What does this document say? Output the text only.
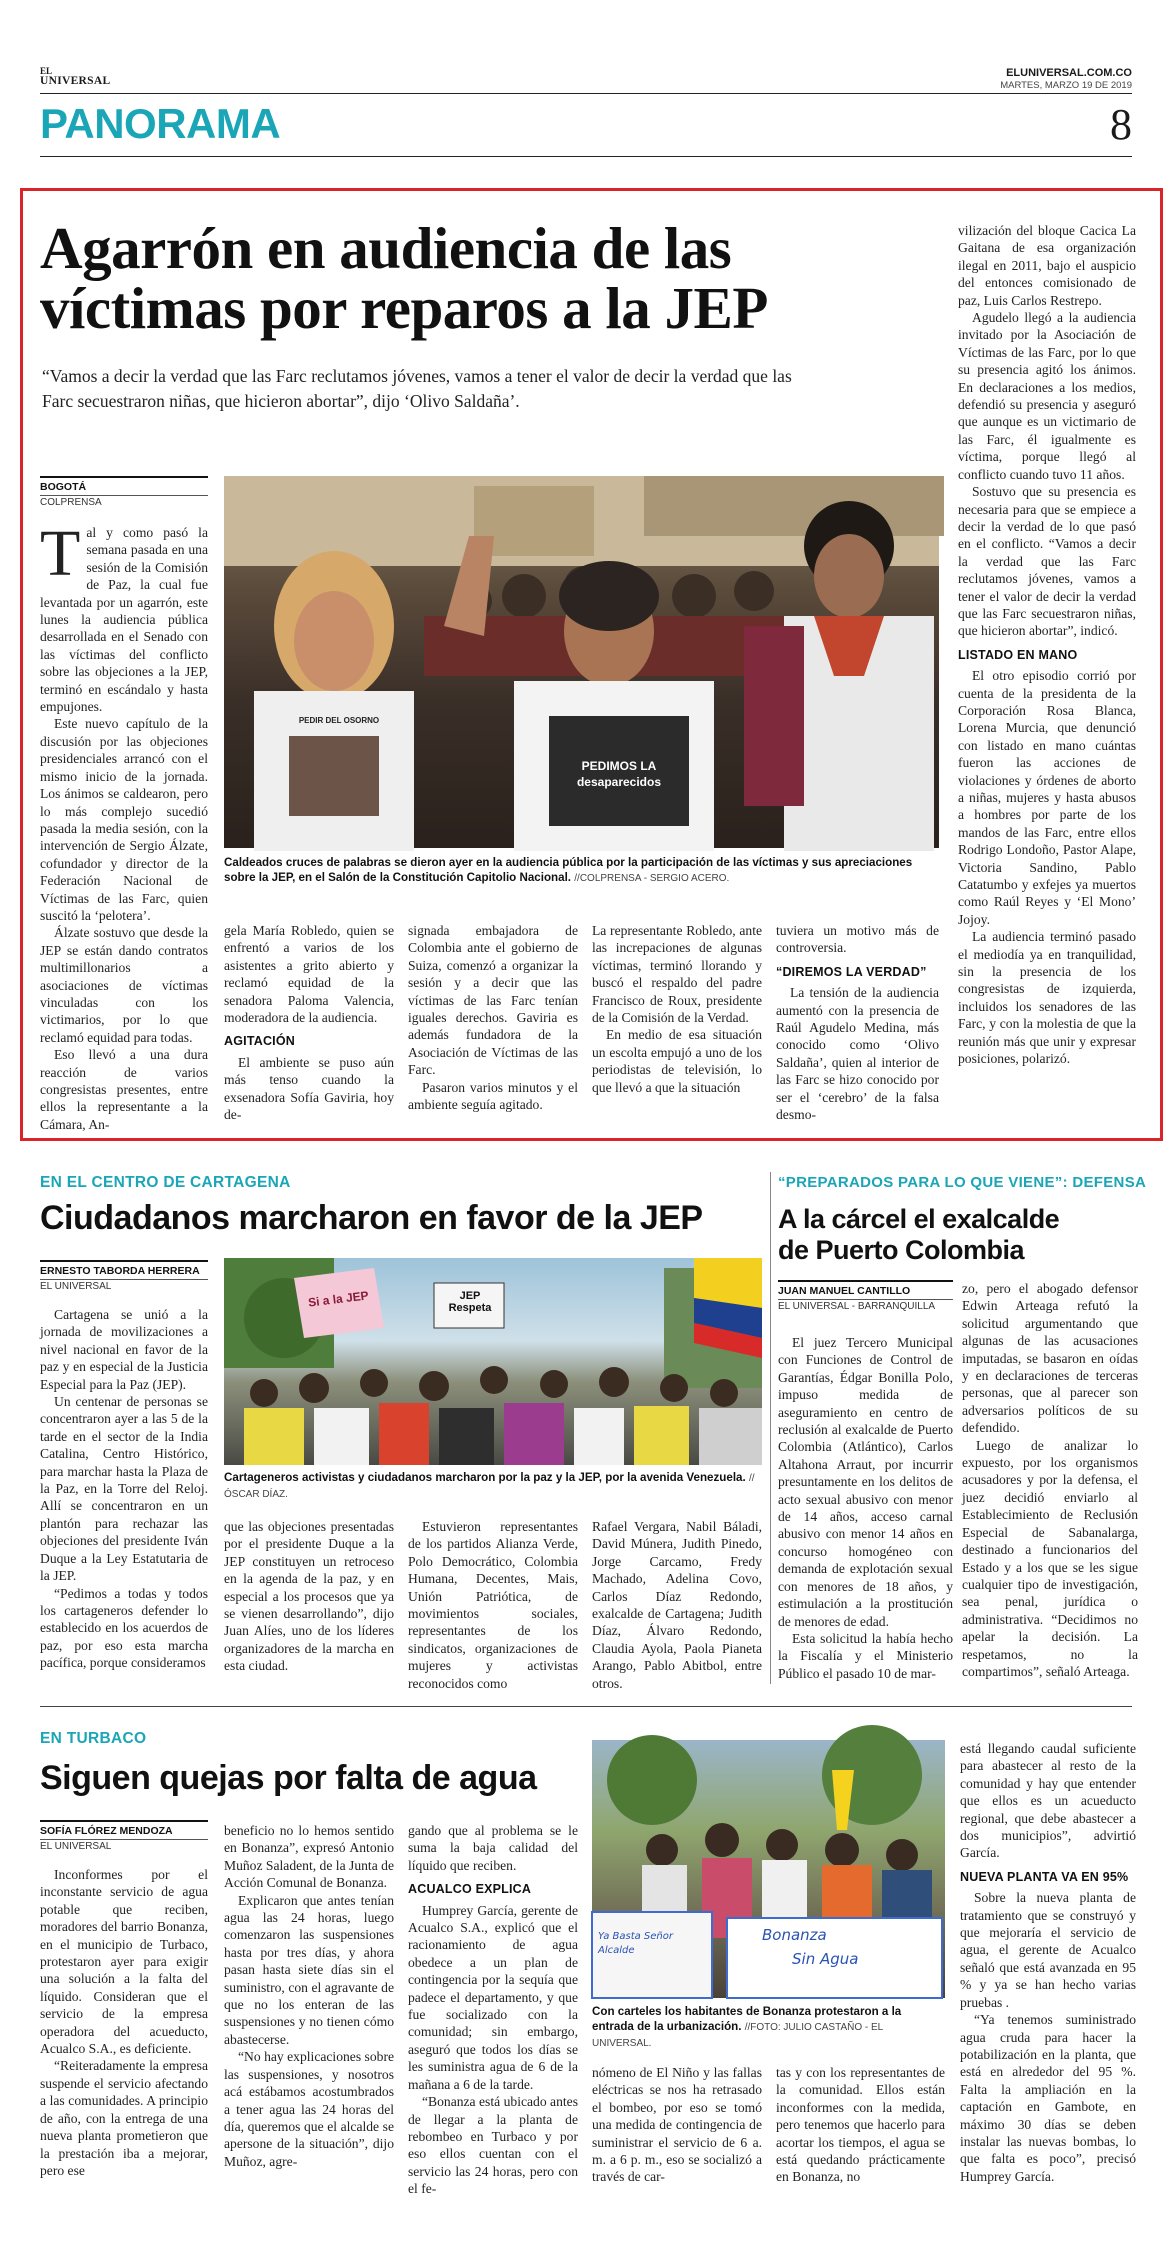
EL
UNIVERSAL
ELUNIVERSAL.COM.CO
MARTES, MARZO 19 DE 2019
PANORAMA	8
Agarrón en audiencia de las víctimas por reparos a la JEP
“Vamos a decir la verdad que las Farc reclutamos jóvenes, vamos a tener el valor de decir la verdad que las Farc secuestraron niñas, que hicieron abortar”, dijo ‘Olivo Saldaña’.
BOGOTÁ
COLPRENSA
T al y como pasó la semana pasada en una sesión de la Comisión de Paz, la cual fue levantada por un agarrón, este lunes la audiencia pública desarrollada en el Senado con las víctimas del conflicto sobre las objeciones a la JEP, terminó en escándalo y hasta empujones.

Este nuevo capítulo de la discusión por las objeciones presidenciales arrancó con el mismo inicio de la jornada. Los ánimos se caldearon, pero lo más complejo sucedió pasada la media sesión, con la intervención de Sergio Álzate, cofundador y director de la Federación Nacional de Víctimas de las Farc, quien suscitó la ‘pelotera’.

Álzate sostuvo que desde la JEP se están dando contratos multimillonarios a asociaciones de víctimas vinculadas con los victimarios, por lo que reclamó equidad para todas.

Eso llevó a una dura reacción de varios congresistas presentes, entre ellos la representante a la Cámara, An-

PEDIMOS LA
desaparecidos
PEDIR DEL OSORNO
Caldeados cruces de palabras se dieron ayer en la audiencia pública por la participación de las víctimas y sus apreciaciones sobre la JEP, en el Salón de la Constitución Capitolio Nacional. //COLPRENSA - SERGIO ACERO.

gela María Robledo, quien se enfrentó a varios de los asistentes a grito abierto y reclamó equidad de la senadora Paloma Valencia, moderadora de la audiencia.

AGITACIÓN

El ambiente se puso aún más tenso cuando la exsenadora Sofía Gaviria, hoy de-

signada embajadora de Colombia ante el gobierno de Suiza, comenzó a organizar la sesión y a decir que las víctimas de las Farc tenían iguales derechos. Gaviria es además fundadora de la Asociación de Víctimas de las Farc.

Pasaron varios minutos y el ambiente seguía agitado.

La representante Robledo, ante las increpaciones de algunas víctimas, terminó llorando y buscó el respaldo del padre Francisco de Roux, presidente de la Comisión de la Verdad.

En medio de esa situación un escolta empujó a uno de los periodistas de televisión, lo que llevó a que la situación

tuviera un motivo más de controversia.

“DIREMOS LA VERDAD”

La tensión de la audiencia aumentó con la presencia de Raúl Agudelo Medina, más conocido como ‘Olivo Saldaña’, quien al interior de las Farc se hizo conocido por ser el ‘cerebro’ de la falsa desmo-

vilización del bloque Cacica La Gaitana de esa organización ilegal en 2011, bajo el auspicio del entonces comisionado de paz, Luis Carlos Restrepo.

Agudelo llegó a la audiencia invitado por la Asociación de Víctimas de las Farc, por lo que su presencia agitó los ánimos. En declaraciones a los medios, defendió su presencia y aseguró que aunque es un victimario de las Farc, él igualmente es víctima, porque llegó al conflicto cuando tuvo 11 años.

Sostuvo que su presencia es necesaria para que se empiece a decir la verdad de lo que pasó en el conflicto. “Vamos a decir la verdad que las Farc reclutamos jóvenes, vamos a tener el valor de decir la verdad que las Farc secuestraron niñas, que hicieron abortar”, indicó.

LISTADO EN MANO

El otro episodio corrió por cuenta de la presidenta de la Corporación Rosa Blanca, Lorena Murcia, que denunció con listado en mano cuántas fueron las acciones de violaciones y órdenes de aborto a niñas, mujeres y hasta abusos a hombres por parte de los mandos de las Farc, entre ellos Rodrigo Londoño, Pastor Alape, Victoria Sandino, Pablo Catatumbo y exfejes ya muertos como Raúl Reyes y ‘El Mono’ Jojoy.

La audiencia terminó pasado el mediodía ya en tranquilidad, sin la presencia de los congresistas de izquierda, incluidos los senadores de las Farc, y con la molestia de que la reunión más que unir y expresar posiciones, polarizó.

EN EL CENTRO DE CARTAGENA
Ciudadanos marcharon en favor de la JEP
ERNESTO TABORDA HERRERA
EL UNIVERSAL

Cartagena se unió a la jornada de movilizaciones a nivel nacional en favor de la paz y en especial de la Justicia Especial para la Paz (JEP).

Un centenar de personas se concentraron ayer a las 5 de la tarde en el sector de la India Catalina, Centro Histórico, para marchar hasta la Plaza de la Paz, en la Torre del Reloj. Allí se concentraron en un plantón para rechazar las objeciones del presidente Iván Duque a la Ley Estatutaria de la JEP.

“Pedimos a todas y todos los cartageneros defender lo establecido en los acuerdos de paz, por eso esta marcha pacífica, porque consideramos

Si a la JEP	JEP Respeta
Cartageneros activistas y ciudadanos marcharon por la paz y la JEP, por la avenida Venezuela. //ÓSCAR DÍAZ.

que las objeciones presentadas por el presidente Duque a la JEP constituyen un retroceso en la agenda de la paz, y en especial a los procesos que ya se vienen desarrollando”, dijo Juan Alíes, uno de los líderes organizadores de la marcha en esta ciudad.

Estuvieron representantes de los partidos Alianza Verde, Polo Democrático, Colombia Humana, Decentes, Mais, Unión Patriótica, de movimientos sociales, representantes de los sindicatos, organizaciones de mujeres y activistas reconocidos como

Rafael Vergara, Nabil Báladi, David Múnera, Judith Pinedo, Jorge Carcamo, Fredy Machado, Adelina Covo, Carlos Díaz Redondo, exalcalde de Cartagena; Judith Díaz, Álvaro Redondo, Claudia Ayola, Paola Pianeta Arango, Pablo Abitbol, entre otros.

“PREPARADOS PARA LO QUE VIENE”: DEFENSA
A la cárcel el exalcalde
de Puerto Colombia
JUAN MANUEL CANTILLO
EL UNIVERSAL - BARRANQUILLA

El juez Tercero Municipal con Funciones de Control de Garantías, Édgar Bonilla Polo, impuso medida de aseguramiento en centro de reclusión al exalcalde de Puerto Colombia (Atlántico), Carlos Altahona Arraut, por incurrir presuntamente en los delitos de acto sexual abusivo con menor de 14 años, acceso carnal abusivo con menor 14 años en concurso homogéneo con demanda de explotación sexual con menores de 18 años, y estimulación a la prostitución de menores de edad.

Esta solicitud la había hecho la Fiscalía y el Ministerio Público el pasado 10 de mar-

zo, pero el abogado defensor Edwin Arteaga refutó la solicitud argumentando que algunas de las acusaciones imputadas, se basaron en oídas y en declaraciones de terceras personas, que al parecer son adversarios políticos de su defendido.

Luego de analizar lo expuesto, por los organismos acusadores y por la defensa, el juez decidió enviarlo al Establecimiento de Reclusión Especial de Sabanalarga, destinado a funcionarios del Estado y a los que se les sigue cualquier tipo de investigación, sea penal, jurídica o administrativa. “Decidimos no apelar la decisión. La respetamos, no la compartimos”, señaló Arteaga.

EN TURBACO
Siguen quejas por falta de agua
SOFÍA FLÓREZ MENDOZA
EL UNIVERSAL

Inconformes por el inconstante servicio de agua potable que reciben, moradores del barrio Bonanza, en el municipio de Turbaco, protestaron ayer para exigir una solución a la falta del líquido. Consideran que el servicio de la empresa operadora del acueducto, Acualco S.A., es deficiente.

“Reiteradamente la empresa suspende el servicio afectando a las comunidades. A principio de año, con la entrega de una nueva planta prometieron que la prestación iba a mejorar, pero ese

beneficio no lo hemos sentido en Bonanza”, expresó Antonio Muñoz Saladent, de la Junta de Acción Comunal de Bonanza.

Explicaron que antes tenían agua las 24 horas, luego comenzaron las suspensiones hasta por tres días, y ahora pasan hasta siete días sin el suministro, con el agravante de que no los enteran de las suspensiones y no tienen cómo abastecerse.

“No hay explicaciones sobre las suspensiones, y nosotros acá estábamos acostumbrados a tener agua las 24 horas del día, queremos que el alcalde se apersone de la situación”, dijo Muñoz, agre-

gando que al problema se le suma la baja calidad del líquido que reciben.

ACUALCO EXPLICA

Humprey García, gerente de Acualco S.A., explicó que el racionamiento de agua obedece a un plan de contingencia por la sequía que padece el departamento, y que fue socializado con la comunidad; sin embargo, aseguró que todos los días se les suministra agua de 6 de la mañana a 6 de la tarde.

“Bonanza está ubicado antes de llegar a la planta de rebombeo en Turbaco y por eso ellos cuentan con el servicio las 24 horas, pero con el fe-

Bonanza
Sin Agua
Ya Basta Señor Alcalde
Con carteles los habitantes de Bonanza protestaron a la entrada de la urbanización. //FOTO: JULIO CASTAÑO - EL UNIVERSAL.

nómeno de El Niño y las fallas eléctricas se nos ha retrasado el bombeo, por eso se tomó una medida de contingencia de suministrar el servicio de 6 a. m. a 6 p. m., eso se socializó a través de car-

tas y con los representantes de la comunidad. Ellos están inconformes con la medida, pero tenemos que hacerlo para acortar los tiempos, el agua se está quedando prácticamente en Bonanza, no

está llegando caudal suficiente para abastecer al resto de la comunidad y hay que entender que ellos es un acueducto regional, que debe abastecer a dos municipios”, advirtió García.

NUEVA PLANTA VA EN 95%

Sobre la nueva planta de tratamiento que se construyó y que mejoraría el servicio de agua, el gerente de Acualco señaló que está avanzada en 95 % y ya se han hecho varias pruebas .

“Ya tenemos suministrado agua cruda para hacer la potabilización en la planta, que está en alrededor del 95 %. Falta la ampliación en la captación en Gambote, en máximo 30 días se deben instalar las nuevas bombas, lo que falta es poco”, precisó Humprey García.
